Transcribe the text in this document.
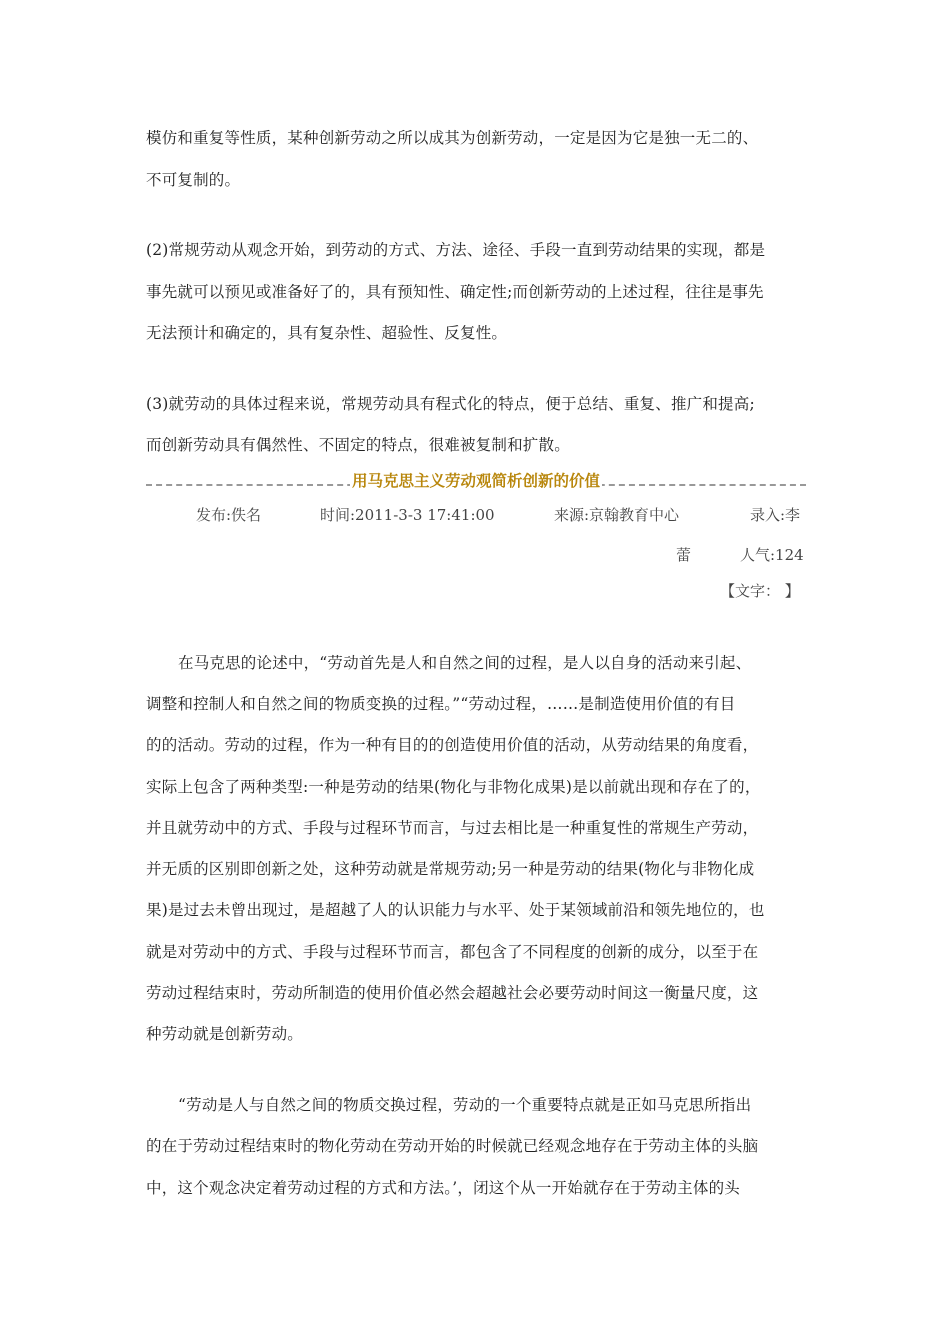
模仿和重复等性质，某种创新劳动之所以成其为创新劳动，一定是因为它是独一无二的、
不可复制的。
(2)常规劳动从观念开始，到劳动的方式、方法、途径、手段一直到劳动结果的实现，都是
事先就可以预见或准备好了的，具有预知性、确定性;而创新劳动的上述过程，往往是事先
无法预计和确定的，具有复杂性、超验性、反复性。
(3)就劳动的具体过程来说，常规劳动具有程式化的特点，便于总结、重复、推广和提高;
而创新劳动具有偶然性、不固定的特点，很难被复制和扩散。
发布:佚名	时间:2011-3-3 17:41:00	来源:京翰教育中心	录入:李
蕾	人气:124
【文字： 】
在马克思的论述中，“劳动首先是人和自然之间的过程，是人以自身的活动来引起、
调整和控制人和自然之间的物质变换的过程。”“劳动过程，……是制造使用价值的有目
的的活动。劳动的过程，作为一种有目的的创造使用价值的活动，从劳动结果的角度看，
实际上包含了两种类型:一种是劳动的结果(物化与非物化成果)是以前就出现和存在了的，
并且就劳动中的方式、手段与过程环节而言，与过去相比是一种重复性的常规生产劳动，
并无质的区别即创新之处，这种劳动就是常规劳动;另一种是劳动的结果(物化与非物化成
果)是过去未曾出现过，是超越了人的认识能力与水平、处于某领域前沿和领先地位的，也
就是对劳动中的方式、手段与过程环节而言，都包含了不同程度的创新的成分，以至于在
劳动过程结束时，劳动所制造的使用价值必然会超越社会必要劳动时间这一衡量尺度，这
种劳动就是创新劳动。
“劳动是人与自然之间的物质交换过程，劳动的一个重要特点就是正如马克思所指出
的在于劳动过程结束时的物化劳动在劳动开始的时候就已经观念地存在于劳动主体的头脑
中，这个观念决定着劳动过程的方式和方法。’，闭这个从一开始就存在于劳动主体的头
用马克思主义劳动观简析创新的价值
